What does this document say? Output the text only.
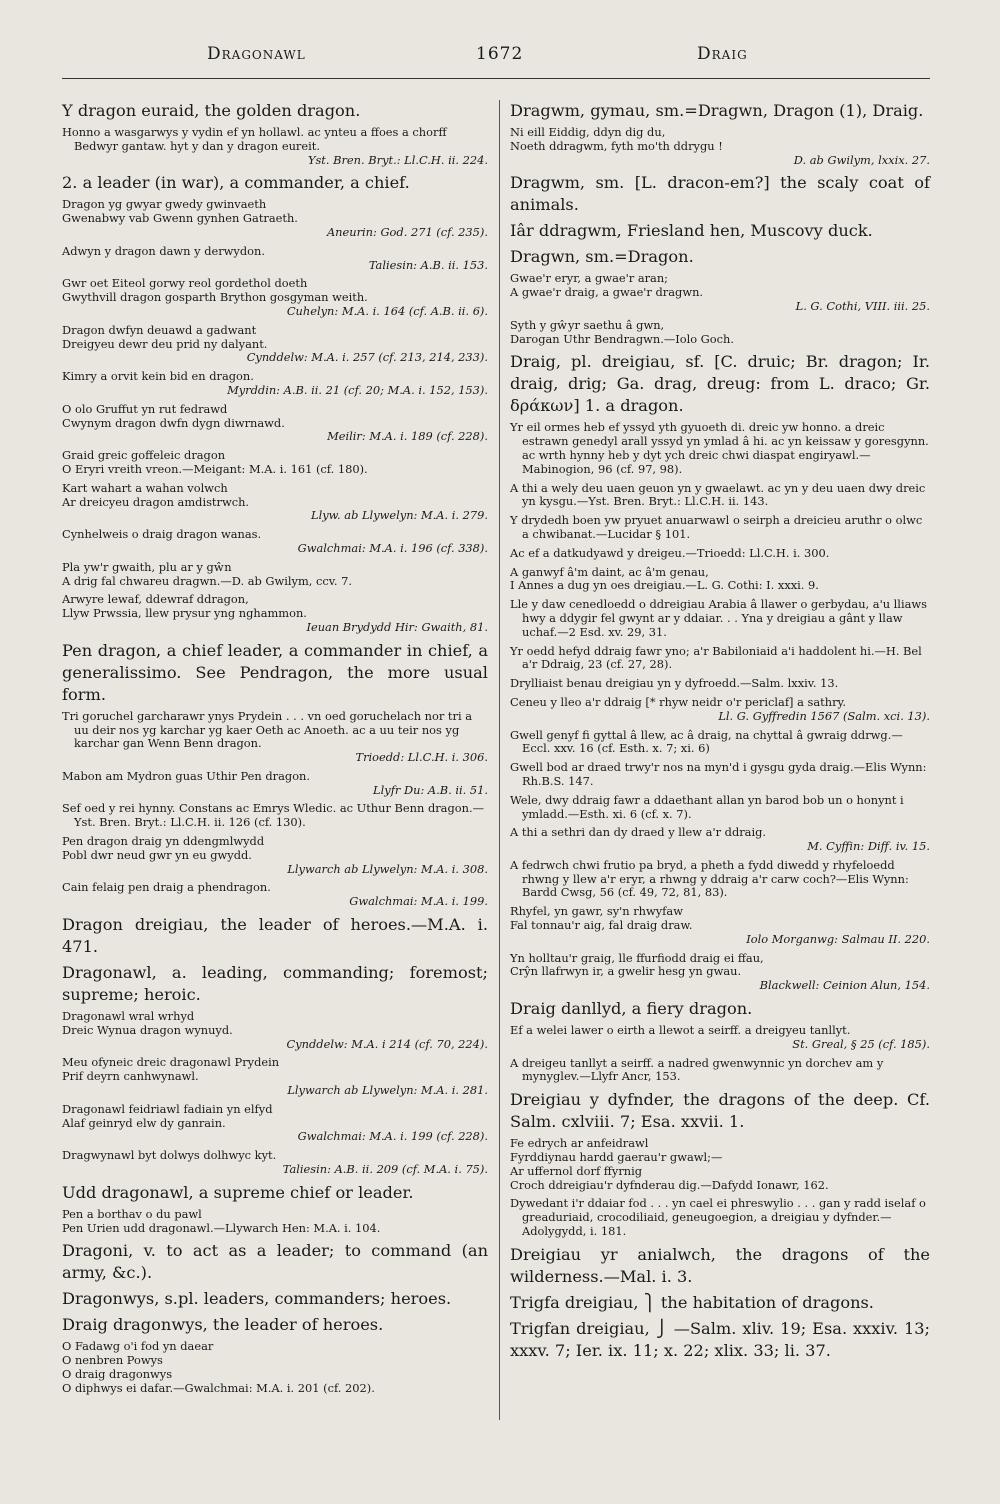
Dragonawl	1672	Draig

Y dragon euraid, the golden dragon.

Honno a wasgarwys y vydin ef yn hollawl. ac ynteu a ffoes a chorff Bedwyr gantaw. hyt y dan y dragon eureit.
Yst. Bren. Bryt.: Ll.C.H. ii. 224.

2. a leader (in war), a commander, a chief.

Dragon yg gwyar gwedy gwinvaeth
Gwenabwy vab Gwenn gynhen Gatraeth.
Aneurin: God. 271 (cf. 235).
Adwyn y dragon dawn y derwydon.
Taliesin: A.B. ii. 153.
Gwr oet Eiteol gorwy reol gordethol doeth
Gwythvill dragon gosparth Brython gosgyman weith.
Cuhelyn: M.A. i. 164 (cf. A.B. ii. 6).
Dragon dwfyn deuawd a gadwant
Dreigyeu dewr deu prid ny dalyant.
Cynddelw: M.A. i. 257 (cf. 213, 214, 233).
Kimry a orvit kein bid en dragon.
Myrddin: A.B. ii. 21 (cf. 20; M.A. i. 152, 153).
O olo Gruffut yn rut fedrawd
Cwynym dragon dwfn dygn diwrnawd.
Meilir: M.A. i. 189 (cf. 228).
Graid greic goffeleic dragon
O Eryri vreith vreon.—Meigant: M.A. i. 161 (cf. 180).
Kart wahart a wahan volwch
Ar dreicyeu dragon amdistrwch.
Llyw. ab Llywelyn: M.A. i. 279.
Cynhelweis o draig dragon wanas.
Gwalchmai: M.A. i. 196 (cf. 338).
Pla yw'r gwaith, plu ar y gŵn
A drig fal chwareu dragwn.—D. ab Gwilym, ccv. 7.
Arwyre lewaf, ddewraf ddragon,
Llyw Prwssia, llew prysur yng nghammon.
Ieuan Brydydd Hir: Gwaith, 81.

Pen dragon, a chief leader, a commander in chief, a generalissimo. See Pendragon, the more usual form.

Tri goruchel garcharawr ynys Prydein . . . vn oed goruchelach nor tri a uu deir nos yg karchar yg kaer Oeth ac Anoeth. ac a uu teir nos yg karchar gan Wenn Benn dragon.
Trioedd: Ll.C.H. i. 306.
Mabon am Mydron guas Uthir Pen dragon.
Llyfr Du: A.B. ii. 51.
Sef oed y rei hynny. Constans ac Emrys Wledic. ac Uthur Benn dragon.—Yst. Bren. Bryt.: Ll.C.H. ii. 126 (cf. 130).
Pen dragon draig yn ddengmlwydd
Pobl dwr neud gwr yn eu gwydd.
Llywarch ab Llywelyn: M.A. i. 308.
Cain felaig pen draig a phendragon.
Gwalchmai: M.A. i. 199.

Dragon dreigiau, the leader of heroes.—M.A. i. 471.

Dragonawl, a. leading, commanding; foremost; supreme; heroic.

Dragonawl wral wrhyd
Dreic Wynua dragon wynuyd.
Cynddelw: M.A. i 214 (cf. 70, 224).
Meu ofyneic dreic dragonawl Prydein
Prif deyrn canhwynawl.
Llywarch ab Llywelyn: M.A. i. 281.
Dragonawl feidriawl fadiain yn elfyd
Alaf geinryd elw dy ganrain.
Gwalchmai: M.A. i. 199 (cf. 228).
Dragwynawl byt dolwys dolhwyc kyt.
Taliesin: A.B. ii. 209 (cf. M.A. i. 75).

Udd dragonawl, a supreme chief or leader.

Pen a borthav o du pawl
Pen Urien udd dragonawl.—Llywarch Hen: M.A. i. 104.

Dragoni, v. to act as a leader; to command (an army, &c.).

Dragonwys, s.pl. leaders, commanders; heroes.

Draig dragonwys, the leader of heroes.

O Fadawg o'i fod yn daear
O nenbren Powys
O draig dragonwys
O diphwys ei dafar.—Gwalchmai: M.A. i. 201 (cf. 202).

Dragwm, gymau, sm.=Dragwn, Dragon (1), Draig.

Ni eill Eiddig, ddyn dig du,
Noeth ddragwm, fyth mo'th ddrygu !
D. ab Gwilym, lxxix. 27.

Dragwm, sm. [L. dracon-em?] the scaly coat of animals.

Iâr ddragwm, Friesland hen, Muscovy duck.

Dragwn, sm.=Dragon.

Gwae'r eryr, a gwae'r aran;
A gwae'r draig, a gwae'r dragwn.
L. G. Cothi, VIII. iii. 25.
Syth y gŵyr saethu â gwn,
Darogan Uthr Bendragwn.—Iolo Goch.

Draig, pl. dreigiau, sf. [C. druic; Br. dragon; Ir. draig, drig; Ga. drag, dreug: from L. draco; Gr. δράκων] 1. a dragon.

Yr eil ormes heb ef yssyd yth gyuoeth di. dreic yw honno. a dreic estrawn genedyl arall yssyd yn ymlad â hi. ac yn keissaw y goresgynn. ac wrth hynny heb y dyt ych dreic chwi diaspat engiryawl.—Mabinogion, 96 (cf. 97, 98).
A thi a wely deu uaen geuon yn y gwaelawt. ac yn y deu uaen dwy dreic yn kysgu.—Yst. Bren. Bryt.: Ll.C.H. ii. 143.
Y drydedh boen yw pryuet anuarwawl o seirph a dreicieu aruthr o olwc a chwibanat.—Lucidar § 101.
Ac ef a datkudyawd y dreigeu.—Trioedd: Ll.C.H. i. 300.
A ganwyf â'm daint, ac â'm genau,
I Annes a dug yn oes dreigiau.—L. G. Cothi: I. xxxi. 9.
Lle y daw cenedloedd o ddreigiau Arabia â llawer o gerbydau, a'u lliaws hwy a ddygir fel gwynt ar y ddaiar. . . Yna y dreigiau a gânt y llaw uchaf.—2 Esd. xv. 29, 31.
Yr oedd hefyd ddraig fawr yno; a'r Babiloniaid a'i haddolent hi.—H. Bel a'r Ddraig, 23 (cf. 27, 28).
Drylliaist benau dreigiau yn y dyfroedd.—Salm. lxxiv. 13.
Ceneu y lleo a'r ddraig [* rhyw neidr o'r periclaf] a sathry.
Ll. G. Gyffredin 1567 (Salm. xci. 13).
Gwell genyf fi gyttal â llew, ac â draig, na chyttal â gwraig ddrwg.—Eccl. xxv. 16 (cf. Esth. x. 7; xi. 6)
Gwell bod ar draed trwy'r nos na myn'd i gysgu gyda draig.—Elis Wynn: Rh.B.S. 147.
Wele, dwy ddraig fawr a ddaethant allan yn barod bob un o honynt i ymladd.—Esth. xi. 6 (cf. x. 7).
A thi a sethri dan dy draed y llew a'r ddraig.
M. Cyffin: Diff. iv. 15.
A fedrwch chwi frutio pa bryd, a pheth a fydd diwedd y rhyfeloedd rhwng y llew a'r eryr, a rhwng y ddraig a'r carw coch?—Elis Wynn: Bardd Cwsg, 56 (cf. 49, 72, 81, 83).
Rhyfel, yn gawr, sy'n rhwyfaw
Fal tonnau'r aig, fal draig draw.
Iolo Morganwg: Salmau II. 220.
Yn holltau'r graig, lle ffurfiodd draig ei ffau,
Crŷn llafrwyn ir, a gwelir hesg yn gwau.
Blackwell: Ceinion Alun, 154.

Draig danllyd, a fiery dragon.

Ef a welei lawer o eirth a llewot a seirff. a dreigyeu tanllyt.
St. Greal, § 25 (cf. 185).
A dreigeu tanllyt a seirff. a nadred gwenwynnic yn dorchev am y mynyglev.—Llyfr Ancr, 153.

Dreigiau y dyfnder, the dragons of the deep. Cf. Salm. cxlviii. 7; Esa. xxvii. 1.

Fe edrych ar anfeidrawl
Fyrddiynau hardd gaerau'r gwawl;—
Ar uffernol dorf ffyrnig
Croch ddreigiau'r dyfnderau dig.—Dafydd Ionawr, 162.
Dywedant i'r ddaiar fod . . . yn cael ei phreswylio . . . gan y radd iselaf o greaduriaid, crocodiliaid, geneugoegion, a dreigiau y dyfnder.—Adolygydd, i. 181.

Dreigiau yr anialwch, the dragons of the wilderness.—Mal. i. 3.

Trigfa dreigiau, ⎫ the habitation of dragons.

Trigfan dreigiau, ⎭ —Salm. xliv. 19; Esa. xxxiv. 13; xxxv. 7; Ier. ix. 11; x. 22; xlix. 33; li. 37.
